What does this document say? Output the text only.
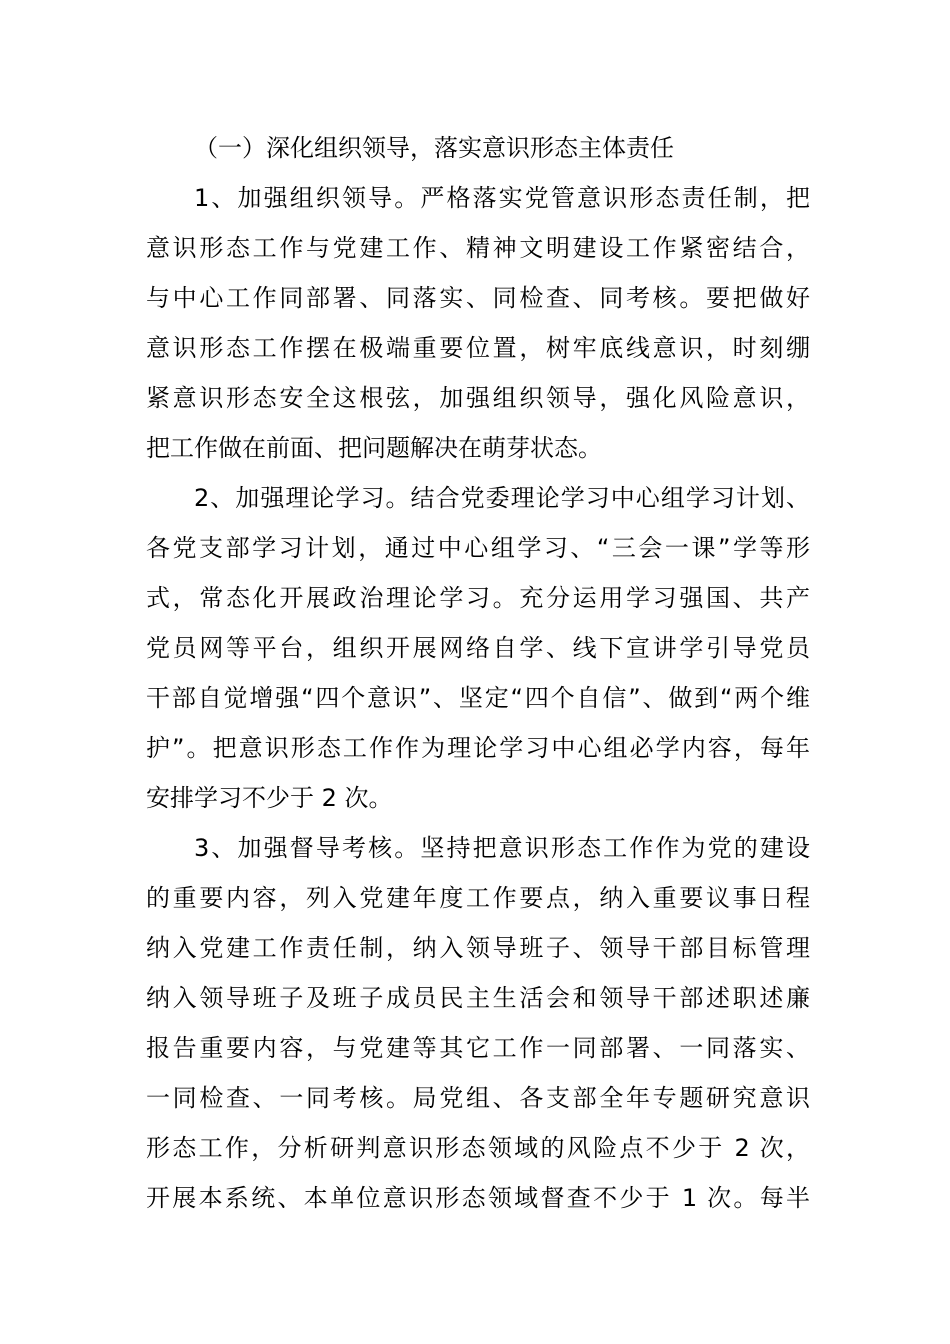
（一）深化组织领导，落实意识形态主体责任
1、加强组织领导。严格落实党管意识形态责任制，把
意识形态工作与党建工作、精神文明建设工作紧密结合，
与中心工作同部署、同落实、同检查、同考核。要把做好
意识形态工作摆在极端重要位置，树牢底线意识，时刻绷
紧意识形态安全这根弦，加强组织领导，强化风险意识，
把工作做在前面、把问题解决在萌芽状态。
2、加强理论学习。结合党委理论学习中心组学习计划、
各党支部学习计划，通过中心组学习、“三会一课”学等形
式，常态化开展政治理论学习。充分运用学习强国、共产
党员网等平台，组织开展网络自学、线下宣讲学引导党员
干部自觉增强“四个意识”、坚定“四个自信”、做到“两个维
护”。把意识形态工作作为理论学习中心组必学内容，每年
安排学习不少于 2 次。
3、加强督导考核。坚持把意识形态工作作为党的建设
的重要内容，列入党建年度工作要点，纳入重要议事日程
纳入党建工作责任制，纳入领导班子、领导干部目标管理
纳入领导班子及班子成员民主生活会和领导干部述职述廉
报告重要内容，与党建等其它工作一同部署、一同落实、
一同检查、一同考核。局党组、各支部全年专题研究意识
形态工作，分析研判意识形态领域的风险点不少于 2 次，
开展本系统、本单位意识形态领域督查不少于 1 次。每半
